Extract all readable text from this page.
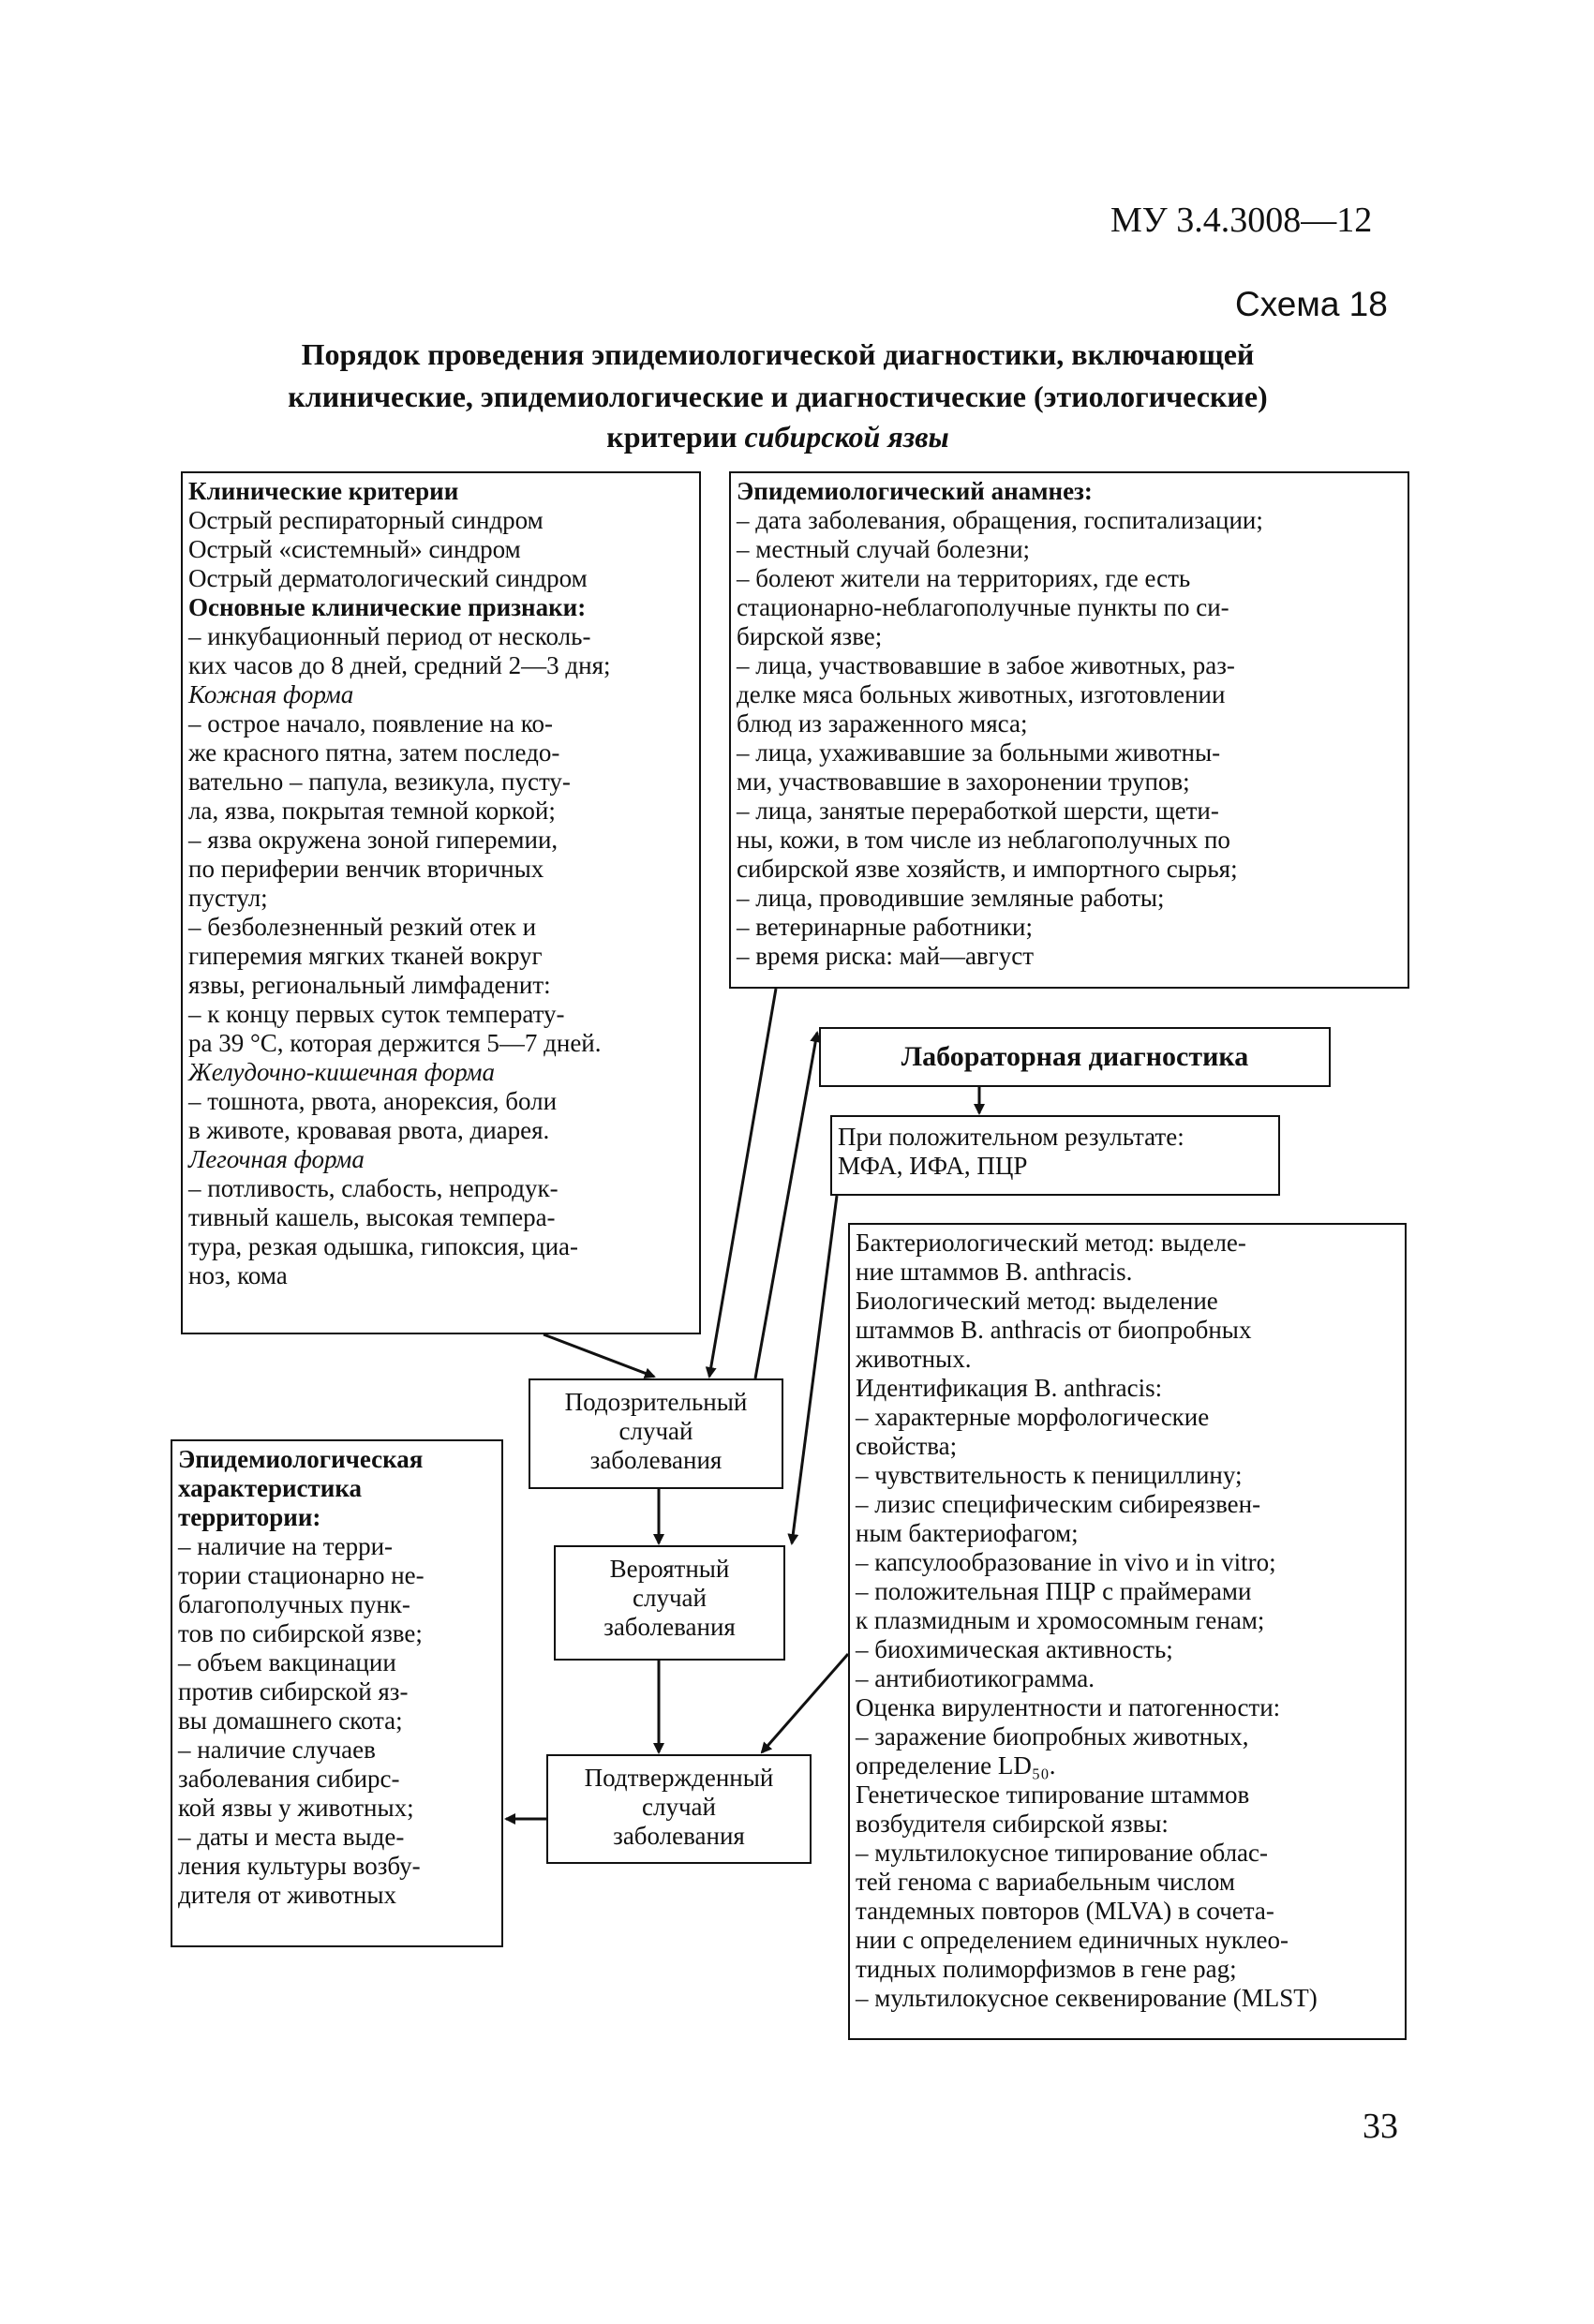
МУ 3.4.3008—12
Схема 18
Порядок проведения эпидемиологической диагностики, включающей
клинические, эпидемиологические и диагностические (этиологические)
критерии сибирской язвы
Клинические критерии
Острый респираторный синдром
Острый «системный» синдром
Острый дерматологический синдром
Основные клинические признаки:
– инкубационный период от несколь-
ких часов до 8 дней, средний 2—3 дня;
Кожная форма
– острое начало, появление на ко-
же красного пятна, затем последо-
вательно – папула, везикула, пусту-
ла, язва, покрытая темной коркой;
– язва окружена зоной гиперемии,
по периферии венчик вторичных
пустул;
– безболезненный резкий отек и
гиперемия мягких тканей вокруг
язвы, региональный лимфаденит:
– к концу первых суток температу-
ра 39 °С, которая держится 5—7 дней.
Желудочно-кишечная форма
– тошнота, рвота, анорексия, боли
в животе, кровавая рвота, диарея.
Легочная форма
– потливость, слабость, непродук-
тивный кашель, высокая темпера-
тура, резкая одышка, гипоксия, циа-
ноз, кома
Эпидемиологический анамнез:
– дата заболевания, обращения, госпитализации;
– местный случай болезни;
– болеют жители на территориях, где есть
стационарно-неблагополучные пункты по си-
бирской язве;
– лица, участвовавшие в забое животных, раз-
делке мяса больных животных, изготовлении
блюд из зараженного мяса;
– лица, ухаживавшие за больными животны-
ми, участвовавшие в захоронении трупов;
– лица, занятые переработкой шерсти, щети-
ны, кожи, в том числе из неблагополучных по
сибирской язве хозяйств, и импортного сырья;
– лица, проводившие земляные работы;
– ветеринарные работники;
– время риска: май—август
Лабораторная диагностика
При положительном результате:
МФА, ИФА, ПЦР
Бактериологический метод: выделе-
ние штаммов B. anthracis.
Биологический метод: выделение
штаммов B. anthracis от биопробных
животных.
Идентификация B. anthracis:
– характерные морфологические
свойства;
– чувствительность к пенициллину;
– лизис специфическим сибиреязвен-
ным бактериофагом;
– капсулообразование in vivo и in vitro;
– положительная ПЦР с праймерами
к плазмидным и хромосомным генам;
– биохимическая активность;
– антибиотикограмма.
Оценка вирулентности и патогенности:
– заражение биопробных животных,
определение LD₅₀.
Генетическое типирование штаммов
возбудителя сибирской язвы:
– мультилокусное типирование облас-
тей генома с вариабельным числом
тандемных повторов (MLVA) в сочета-
нии с определением единичных нуклео-
тидных полиморфизмов в гене pag;
– мультилокусное секвенирование (MLST)
Подозрительный
случай
заболевания
Вероятный
случай
заболевания
Подтвержденный
случай
заболевания
Эпидемиологическая
характеристика
территории:
– наличие на терри-
тории стационарно не-
благополучных пунк-
тов по сибирской язве;
– объем вакцинации
против сибирской яз-
вы домашнего скота;
– наличие случаев
заболевания сибирс-
кой язвы у животных;
– даты и места выде-
ления культуры возбу-
дителя от животных
33
